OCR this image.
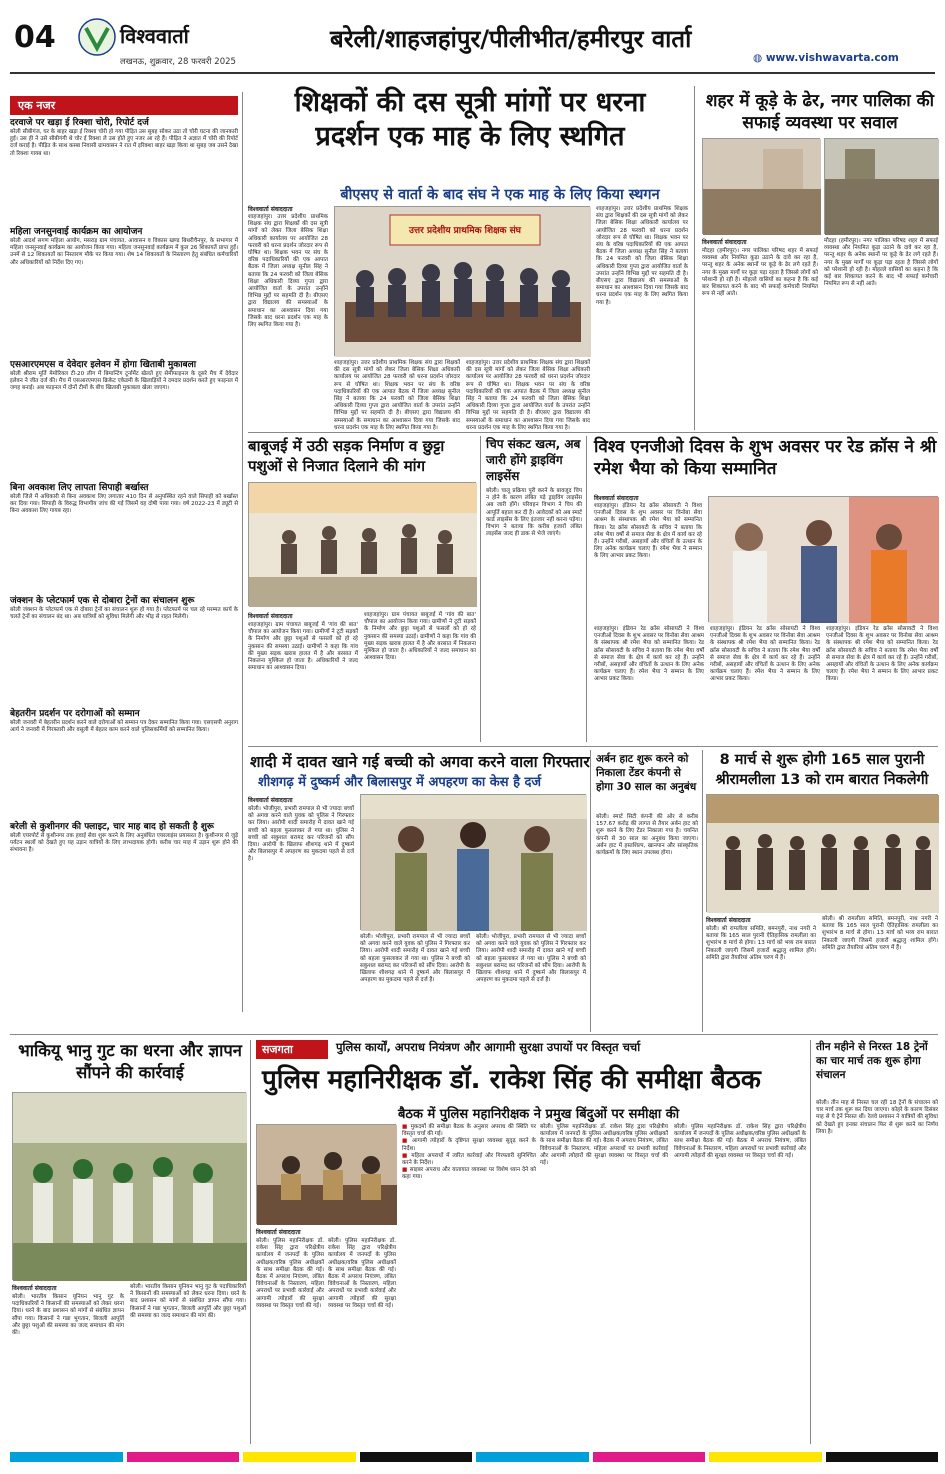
04	विश्ववार्ता
लखनऊ, शुक्रवार, 28 फरवरी 2025
बरेली/शाहजहांपुर/पीलीभीत/हमीरपुर वार्ता
◍ www.vishwavarta.com
एक नजर
दरवाजे पर खड़ा ई रिक्शा चोरी, रिपोर्ट दर्ज
बरेली सीबीगंज, घर के बाहर खड़ा ई रिक्शा चोरी हो गया पीड़ित उस सुबह सोकर उठा तो चोरी घटना की जानकारी हुई। उस ही ने उसे सीबीगंगी थे चोर ई रिक्शा ले उस होते हुए नजर आ रहे हैं। पीड़ित ने अज्ञात में चोरी की रिपोर्ट दर्ज कराई है। पीड़ित के साथ कस्बा निवासी ग्रामवासन ने रात में इरिक्शा बाहर खड़ा किया था सुबह जब उसने देखा तो रिक्शा गायब था।
महिला जनसुनवाई कार्यक्रम का आयोजन
बरेली आदर्श सगण महिला आयोग, मसराइ ग्राम पंचायत, आवासन व विकास खण्ड बिथरीचैनपुर, के सभागार में महिला जनसुनवाई कार्यक्रम का आयोजन किया गया। महिला जनसुनवाई कार्यक्रम में कुल 26 शिकायतें प्राप्त हुईं। उनमें से 12 शिकायतों का निस्तारण मौके पर किया गया। शेष 14 शिकायतों के निस्तारण हेतु संबंधित कर्मचारियों और अधिकारियों को निर्देश दिए गए।
एसआरएमएस व देवेदार इलेवन में होगा खिताबी मुकाबला
बरेली श्रीराम मूर्ति मेमोरियल टी-20 लीग में बिमान्टिंग टूर्नामेंट खेलते हुए सेमीफाइनल के दूसरे मैच में देवेदार इलेवन ने जीत दर्ज की। मैच में एसआरएमएस क्रिकेट एकेडमी के खिलाड़ियों ने दमदार प्रदर्शन करते हुए फाइनल में जगह बनाई। अब फाइनल में दोनों टीमों के बीच खिताबी मुकाबला खेला जाएगा।
बिना अवकाश लिए लापता सिपाही बर्खास्त
बरेली जिले में अधिकारी से बिना अवकाश लिए लगातार 410 दिन से अनुपस्थित रहने वाले सिपाही को बर्खास्त कर दिया गया। सिपाही के विरुद्ध विभागीय जांच की गई जिसमें वह दोषी पाया गया। वर्ष 2022-23 में ड्यूटी से बिना अवकाश लिए गायब रहा।
जंक्शन के प्लेटफार्म एक से दोबारा ट्रेनों का संचालन शुरू
बरेली जंक्शन के प्लेटफार्म एक से दोबारा ट्रेनों का संचालन शुरू हो गया है। प्लेटफार्म पर चल रहे मरम्मत कार्य के चलते ट्रेनों का संचालन बंद था। अब यात्रियों को सुविधा मिलेगी और भीड़ से राहत मिलेगी।
बेहतरीन प्रदर्शन पर दरोगाओं को सम्मान
बरेली जनवरी में बेहतरीन प्रदर्शन करने वाले दरोगाओं को सम्मान पत्र देकर सम्मानित किया गया। एसएसपी अनुराग आर्य ने जनवरी में गिरफ्तारी और वसूली में बेहतर काम करने वाले पुलिसकर्मियों को सम्मानित किया।
बरेली से कुशीनगर की फ्लाइट, चार माह बाद हो सकती है शुरू
बरेली एयरपोर्ट से कुशीनगर तक हवाई सेवा शुरू करने के लिए अनुबंधित एयरलाइंस प्रयासरत है। कुशीनगर से जुड़े पर्यटन स्थलों को देखते हुए यह उड़ान यात्रियों के लिए लाभदायक होगी। करीब चार माह में उड़ान शुरू होने की संभावना है।
शिक्षकों की दस सूत्री मांगों पर धरना
प्रदर्शन एक माह के लिए स्थगित
बीएसए से वार्ता के बाद संघ ने एक माह के लिए किया स्थगन
विश्ववार्ता संवाददाता
शाहजहांपुर। उत्तर प्रदेशीय प्राथमिक शिक्षक संघ द्वारा शिक्षकों की दस सूत्री मांगों को लेकर जिला बेसिक शिक्षा अधिकारी कार्यालय पर आयोजित 28 फरवरी को धरना प्रदर्शन जोरदार रूप से घोषित था। शिक्षक भवन पर संघ के वरिष्ठ पदाधिकारियों की एक आपात बैठक में जिला अध्यक्ष सुनील सिंह ने बताया कि 24 फरवरी को जिला बेसिक शिक्षा अधिकारी दिव्या गुप्ता द्वारा आयोजित वार्ता के उपरांत उन्होंने विभिन्न मुद्दों पर सहमति दी है। बीएसए द्वारा विद्यालय की समस्याओं के समाधान का आश्वासन दिया गया जिसके बाद धरना प्रदर्शन एक माह के लिए स्थगित किया गया है।
उत्तर प्रदेशीय प्राथमिक शिक्षक संघ
शाहजहांपुर। उत्तर प्रदेशीय प्राथमिक शिक्षक संघ द्वारा शिक्षकों की दस सूत्री मांगों को लेकर जिला बेसिक शिक्षा अधिकारी कार्यालय पर आयोजित 28 फरवरी को धरना प्रदर्शन जोरदार रूप से घोषित था। शिक्षक भवन पर संघ के वरिष्ठ पदाधिकारियों की एक आपात बैठक में जिला अध्यक्ष सुनील सिंह ने बताया कि 24 फरवरी को जिला बेसिक शिक्षा अधिकारी दिव्या गुप्ता द्वारा आयोजित वार्ता के उपरांत उन्होंने विभिन्न मुद्दों पर सहमति दी है। बीएसए द्वारा विद्यालय की समस्याओं के समाधान का आश्वासन दिया गया जिसके बाद धरना प्रदर्शन एक माह के लिए स्थगित किया गया है।
शाहजहांपुर। उत्तर प्रदेशीय प्राथमिक शिक्षक संघ द्वारा शिक्षकों की दस सूत्री मांगों को लेकर जिला बेसिक शिक्षा अधिकारी कार्यालय पर आयोजित 28 फरवरी को धरना प्रदर्शन जोरदार रूप से घोषित था। शिक्षक भवन पर संघ के वरिष्ठ पदाधिकारियों की एक आपात बैठक में जिला अध्यक्ष सुनील सिंह ने बताया कि 24 फरवरी को जिला बेसिक शिक्षा अधिकारी दिव्या गुप्ता द्वारा आयोजित वार्ता के उपरांत उन्होंने विभिन्न मुद्दों पर सहमति दी है। बीएसए द्वारा विद्यालय की समस्याओं के समाधान का आश्वासन दिया गया जिसके बाद धरना प्रदर्शन एक माह के लिए स्थगित किया गया है।
शाहजहांपुर। उत्तर प्रदेशीय प्राथमिक शिक्षक संघ द्वारा शिक्षकों की दस सूत्री मांगों को लेकर जिला बेसिक शिक्षा अधिकारी कार्यालय पर आयोजित 28 फरवरी को धरना प्रदर्शन जोरदार रूप से घोषित था। शिक्षक भवन पर संघ के वरिष्ठ पदाधिकारियों की एक आपात बैठक में जिला अध्यक्ष सुनील सिंह ने बताया कि 24 फरवरी को जिला बेसिक शिक्षा अधिकारी दिव्या गुप्ता द्वारा आयोजित वार्ता के उपरांत उन्होंने विभिन्न मुद्दों पर सहमति दी है। बीएसए द्वारा विद्यालय की समस्याओं के समाधान का आश्वासन दिया गया जिसके बाद धरना प्रदर्शन एक माह के लिए स्थगित किया गया है।
शहर में कूड़े के ढेर, नगर पालिका की सफाई व्यवस्था पर सवाल
विश्ववार्ता संवाददाता
मौदहा (हमीरपुर)। नगर पालिका परिषद शहर में सफाई व्यवस्था और नियमित कूड़ा उठाने के दावे कर रहा है, परन्तु शहर के अनेक स्थानों पर कूड़े के ढेर लगे रहते हैं। नगर के मुख्य मार्गों पर कूड़ा पड़ा रहता है जिससे लोगों को परेशानी हो रही है। मोहल्ले वासियों का कहना है कि कई बार शिकायत करने के बाद भी सफाई कर्मचारी नियमित रूप से नहीं आते।
मौदहा (हमीरपुर)। नगर पालिका परिषद शहर में सफाई व्यवस्था और नियमित कूड़ा उठाने के दावे कर रहा है, परन्तु शहर के अनेक स्थानों पर कूड़े के ढेर लगे रहते हैं। नगर के मुख्य मार्गों पर कूड़ा पड़ा रहता है जिससे लोगों को परेशानी हो रही है। मोहल्ले वासियों का कहना है कि कई बार शिकायत करने के बाद भी सफाई कर्मचारी नियमित रूप से नहीं आते।
बाबूजई में उठी सड़क निर्माण व छुट्टा पशुओं से निजात दिलाने की मांग
विश्ववार्ता संवाददाता
शाहजहांपुर। ग्राम पंचायत बाबूजई में 'गांव की बात' चौपाल का आयोजन किया गया। ग्रामीणों ने टूटी सड़कों के निर्माण और छुट्टा पशुओं से फसलों को हो रहे नुकसान की समस्या उठाई। ग्रामीणों ने कहा कि गांव की मुख्य सड़क खराब हालत में है और बरसात में निकलना मुश्किल हो जाता है। अधिकारियों ने जल्द समाधान का आश्वासन दिया।
शाहजहांपुर। ग्राम पंचायत बाबूजई में 'गांव की बात' चौपाल का आयोजन किया गया। ग्रामीणों ने टूटी सड़कों के निर्माण और छुट्टा पशुओं से फसलों को हो रहे नुकसान की समस्या उठाई। ग्रामीणों ने कहा कि गांव की मुख्य सड़क खराब हालत में है और बरसात में निकलना मुश्किल हो जाता है। अधिकारियों ने जल्द समाधान का आश्वासन दिया।
चिप संकट खत्म, अब जारी होंगे ड्राइविंग लाइसेंस
बरेली। चालू प्रक्रिया पूरी करने के बावजूद चिप न होने के कारण लंबित पड़े ड्राइविंग लाइसेंस अब जारी होंगे। परिवहन विभाग ने चिप की आपूर्ति बहाल कर दी है। आवेदकों को अब स्मार्ट कार्ड लाइसेंस के लिए इंतजार नहीं करना पड़ेगा। विभाग ने बताया कि करीब हजारों लंबित लाइसेंस जल्द ही डाक से भेजे जाएंगे।
विश्व एनजीओ दिवस के शुभ अवसर पर रेड क्रॉस ने श्री रमेश भैया को किया सम्मानित
विश्ववार्ता संवाददाता
शाहजहांपुर। इंडियन रेड क्रॉस सोसायटी ने विश्व एनजीओ दिवस के शुभ अवसर पर विनोबा सेवा आश्रम के संस्थापक श्री रमेश भैया को सम्मानित किया। रेड क्रॉस सोसायटी के सचिव ने बताया कि रमेश भैया वर्षों से समाज सेवा के क्षेत्र में कार्य कर रहे हैं। उन्होंने गरीबों, असहायों और वंचितों के उत्थान के लिए अनेक कार्यक्रम चलाए हैं। रमेश भैया ने सम्मान के लिए आभार प्रकट किया।
शाहजहांपुर। इंडियन रेड क्रॉस सोसायटी ने विश्व एनजीओ दिवस के शुभ अवसर पर विनोबा सेवा आश्रम के संस्थापक श्री रमेश भैया को सम्मानित किया। रेड क्रॉस सोसायटी के सचिव ने बताया कि रमेश भैया वर्षों से समाज सेवा के क्षेत्र में कार्य कर रहे हैं। उन्होंने गरीबों, असहायों और वंचितों के उत्थान के लिए अनेक कार्यक्रम चलाए हैं। रमेश भैया ने सम्मान के लिए आभार प्रकट किया।
शाहजहांपुर। इंडियन रेड क्रॉस सोसायटी ने विश्व एनजीओ दिवस के शुभ अवसर पर विनोबा सेवा आश्रम के संस्थापक श्री रमेश भैया को सम्मानित किया। रेड क्रॉस सोसायटी के सचिव ने बताया कि रमेश भैया वर्षों से समाज सेवा के क्षेत्र में कार्य कर रहे हैं। उन्होंने गरीबों, असहायों और वंचितों के उत्थान के लिए अनेक कार्यक्रम चलाए हैं। रमेश भैया ने सम्मान के लिए आभार प्रकट किया।
शाहजहांपुर। इंडियन रेड क्रॉस सोसायटी ने विश्व एनजीओ दिवस के शुभ अवसर पर विनोबा सेवा आश्रम के संस्थापक श्री रमेश भैया को सम्मानित किया। रेड क्रॉस सोसायटी के सचिव ने बताया कि रमेश भैया वर्षों से समाज सेवा के क्षेत्र में कार्य कर रहे हैं। उन्होंने गरीबों, असहायों और वंचितों के उत्थान के लिए अनेक कार्यक्रम चलाए हैं। रमेश भैया ने सम्मान के लिए आभार प्रकट किया।
शादी में दावत खाने गई बच्ची को अगवा करने वाला गिरफ्तार
शीशगढ़ में दुष्कर्म और बिलासपुर में अपहरण का केस है दर्ज
विश्ववार्ता संवाददाता
बरेली। भोजीपुरा, प्रभारी रामपाल से भी ज्यादा बच्चों को अगवा करने वाले युवक को पुलिस ने गिरफ्तार कर लिया। आरोपी शादी समारोह में दावत खाने गई बच्ची को बहला फुसलाकर ले गया था। पुलिस ने बच्ची को सकुशल बरामद कर परिजनों को सौंप दिया। आरोपी के खिलाफ शीशगढ़ थाने में दुष्कर्म और बिलासपुर में अपहरण का मुकदमा पहले से दर्ज है।
बरेली। भोजीपुरा, प्रभारी रामपाल से भी ज्यादा बच्चों को अगवा करने वाले युवक को पुलिस ने गिरफ्तार कर लिया। आरोपी शादी समारोह में दावत खाने गई बच्ची को बहला फुसलाकर ले गया था। पुलिस ने बच्ची को सकुशल बरामद कर परिजनों को सौंप दिया। आरोपी के खिलाफ शीशगढ़ थाने में दुष्कर्म और बिलासपुर में अपहरण का मुकदमा पहले से दर्ज है।
बरेली। भोजीपुरा, प्रभारी रामपाल से भी ज्यादा बच्चों को अगवा करने वाले युवक को पुलिस ने गिरफ्तार कर लिया। आरोपी शादी समारोह में दावत खाने गई बच्ची को बहला फुसलाकर ले गया था। पुलिस ने बच्ची को सकुशल बरामद कर परिजनों को सौंप दिया। आरोपी के खिलाफ शीशगढ़ थाने में दुष्कर्म और बिलासपुर में अपहरण का मुकदमा पहले से दर्ज है।
अर्बन हाट शुरू करने को निकाला टेंडर कंपनी से होगा 30 साल का अनुबंध
बरेली। स्मार्ट सिटी कंपनी की ओर से करीब 157.67 करोड़ की लागत से तैयार अर्बन हाट को शुरू करने के लिए टेंडर निकाला गया है। चयनित कंपनी से 30 साल का अनुबंध किया जाएगा। अर्बन हाट में हस्तशिल्प, खानपान और सांस्कृतिक कार्यक्रमों के लिए स्थान उपलब्ध होगा।
8 मार्च से शुरू होगी 165 साल पुरानी
श्रीरामलीला 13 को राम बारात निकलेगी
विश्ववार्ता संवाददाता
बरेली। श्री रामलीला समिति, बमनपुरी, नाथ नगरी ने बताया कि 165 साल पुरानी ऐतिहासिक रामलीला का शुभारंभ 8 मार्च से होगा। 13 मार्च को भव्य राम बारात निकाली जाएगी जिसमें हजारों श्रद्धालु शामिल होंगे। समिति द्वारा तैयारियां अंतिम चरण में हैं।
बरेली। श्री रामलीला समिति, बमनपुरी, नाथ नगरी ने बताया कि 165 साल पुरानी ऐतिहासिक रामलीला का शुभारंभ 8 मार्च से होगा। 13 मार्च को भव्य राम बारात निकाली जाएगी जिसमें हजारों श्रद्धालु शामिल होंगे। समिति द्वारा तैयारियां अंतिम चरण में हैं।
भाकियू भानु गुट का धरना और ज्ञापन सौंपने की कार्रवाई
विश्ववार्ता संवाददाता
बरेली। भारतीय किसान यूनियन भानु गुट के पदाधिकारियों ने किसानों की समस्याओं को लेकर धरना दिया। धरने के बाद प्रशासन को मांगों से संबंधित ज्ञापन सौंपा गया। किसानों ने गन्ना भुगतान, बिजली आपूर्ति और छुट्टा पशुओं की समस्या का जल्द समाधान की मांग की।
बरेली। भारतीय किसान यूनियन भानु गुट के पदाधिकारियों ने किसानों की समस्याओं को लेकर धरना दिया। धरने के बाद प्रशासन को मांगों से संबंधित ज्ञापन सौंपा गया। किसानों ने गन्ना भुगतान, बिजली आपूर्ति और छुट्टा पशुओं की समस्या का जल्द समाधान की मांग की।
सजगता	पुलिस कार्यों, अपराध नियंत्रण और आगामी सुरक्षा उपायों पर विस्तृत चर्चा
पुलिस महानिरीक्षक डॉ. राकेश सिंह की समीक्षा बैठक
बैठक में पुलिस महानिरीक्षक ने प्रमुख बिंदुओं पर समीक्षा की
विश्ववार्ता संवाददाता
बरेली। पुलिस महानिरीक्षक डॉ. राकेश सिंह द्वारा परिक्षेत्रीय कार्यालय में जनपदों के पुलिस अधीक्षक/वरिष्ठ पुलिस अधीक्षकों के साथ समीक्षा बैठक की गई। बैठक में अपराध नियंत्रण, लंबित विवेचनाओं के निस्तारण, महिला अपराधों पर प्रभावी कार्रवाई और आगामी त्योहारों की सुरक्षा व्यवस्था पर विस्तृत चर्चा की गई।
बरेली। पुलिस महानिरीक्षक डॉ. राकेश सिंह द्वारा परिक्षेत्रीय कार्यालय में जनपदों के पुलिस अधीक्षक/वरिष्ठ पुलिस अधीक्षकों के साथ समीक्षा बैठक की गई। बैठक में अपराध नियंत्रण, लंबित विवेचनाओं के निस्तारण, महिला अपराधों पर प्रभावी कार्रवाई और आगामी त्योहारों की सुरक्षा व्यवस्था पर विस्तृत चर्चा की गई।
■ मुकदमों की समीक्षा बैठक के अनुसार अपराध की स्थिति पर विस्तृत चर्चा की गई।
■ आगामी त्योहारों के दृष्टिगत सुरक्षा व्यवस्था सुदृढ़ करने के निर्देश।
■ महिला अपराधों में त्वरित कार्रवाई और गिरफ्तारी सुनिश्चित करने के निर्देश।
■ साइबर अपराध और यातायात व्यवस्था पर विशेष ध्यान देने को कहा गया।
बरेली। पुलिस महानिरीक्षक डॉ. राकेश सिंह द्वारा परिक्षेत्रीय कार्यालय में जनपदों के पुलिस अधीक्षक/वरिष्ठ पुलिस अधीक्षकों के साथ समीक्षा बैठक की गई। बैठक में अपराध नियंत्रण, लंबित विवेचनाओं के निस्तारण, महिला अपराधों पर प्रभावी कार्रवाई और आगामी त्योहारों की सुरक्षा व्यवस्था पर विस्तृत चर्चा की गई।
बरेली। पुलिस महानिरीक्षक डॉ. राकेश सिंह द्वारा परिक्षेत्रीय कार्यालय में जनपदों के पुलिस अधीक्षक/वरिष्ठ पुलिस अधीक्षकों के साथ समीक्षा बैठक की गई। बैठक में अपराध नियंत्रण, लंबित विवेचनाओं के निस्तारण, महिला अपराधों पर प्रभावी कार्रवाई और आगामी त्योहारों की सुरक्षा व्यवस्था पर विस्तृत चर्चा की गई।
तीन महीने से निरस्त 18 ट्रेनों का चार मार्च तक शुरू होगा संचालन
बरेली। तीन माह से निरस्त चल रही 18 ट्रेनों के संचालन को चार मार्च तक शुरू कर दिया जाएगा। कोहरे के कारण दिसंबर माह से ये ट्रेनें निरस्त थीं। रेलवे प्रशासन ने यात्रियों की सुविधा को देखते हुए इनका संचालन फिर से शुरू करने का निर्णय लिया है।
